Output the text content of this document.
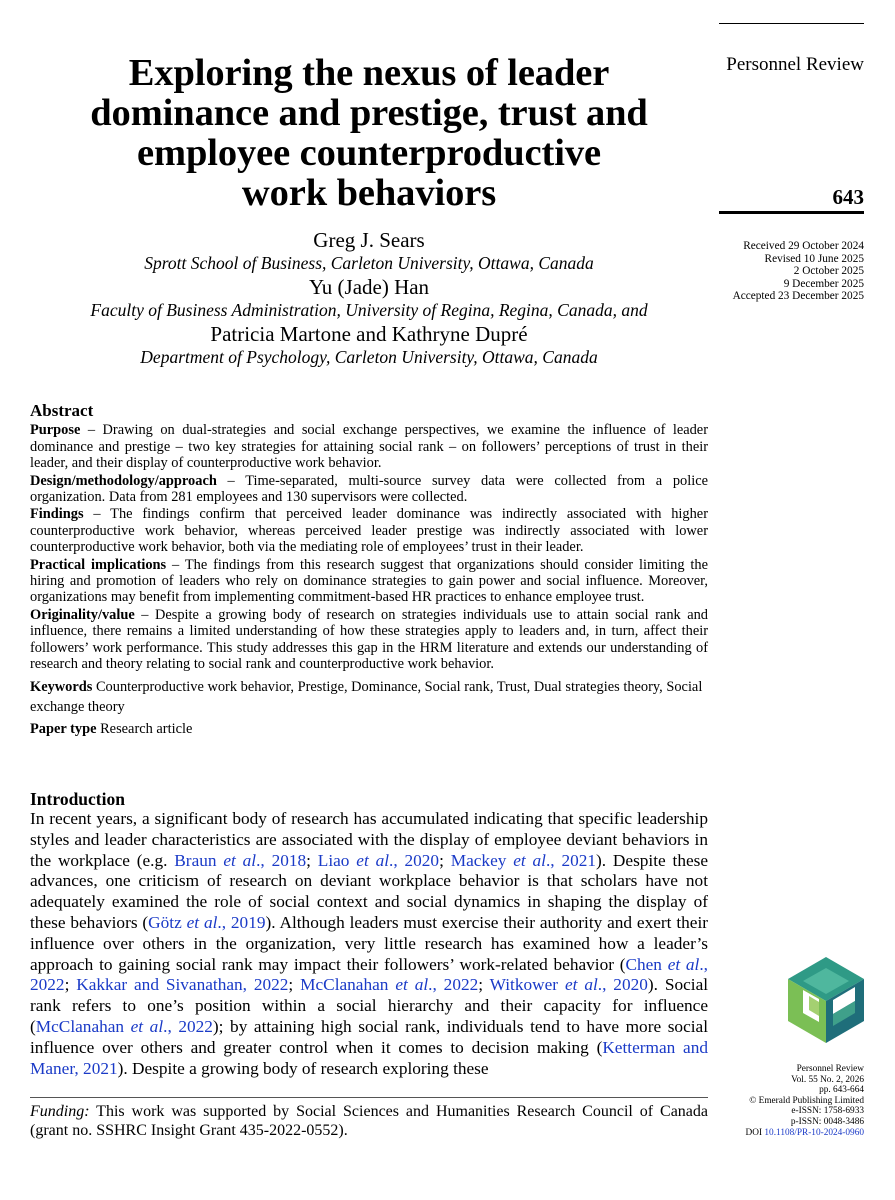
Personnel Review
643
Received 29 October 2024
Revised 10 June 2025
2 October 2025
9 December 2025
Accepted 23 December 2025
Exploring the nexus of leader
dominance and prestige, trust and
employee counterproductive
work behaviors
Greg J. Sears
Sprott School of Business, Carleton University, Ottawa, Canada
Yu (Jade) Han
Faculty of Business Administration, University of Regina, Regina, Canada, and
Patricia Martone and Kathryne Dupré
Department of Psychology, Carleton University, Ottawa, Canada
Abstract

Purpose – Drawing on dual-strategies and social exchange perspectives, we examine the influence of leader dominance and prestige – two key strategies for attaining social rank – on followers’ perceptions of trust in their leader, and their display of counterproductive work behavior.

Design/methodology/approach – Time-separated, multi-source survey data were collected from a police organization. Data from 281 employees and 130 supervisors were collected.

Findings – The findings confirm that perceived leader dominance was indirectly associated with higher counterproductive work behavior, whereas perceived leader prestige was indirectly associated with lower counterproductive work behavior, both via the mediating role of employees’ trust in their leader.

Practical implications – The findings from this research suggest that organizations should consider limiting the hiring and promotion of leaders who rely on dominance strategies to gain power and social influence. Moreover, organizations may benefit from implementing commitment-based HR practices to enhance employee trust.

Originality/value – Despite a growing body of research on strategies individuals use to attain social rank and influence, there remains a limited understanding of how these strategies apply to leaders and, in turn, affect their followers’ work performance. This study addresses this gap in the HRM literature and extends our understanding of research and theory relating to social rank and counterproductive work behavior.

Keywords Counterproductive work behavior, Prestige, Dominance, Social rank, Trust, Dual strategies theory, Social exchange theory

Paper type Research article

Introduction
In recent years, a significant body of research has accumulated indicating that specific leadership styles and leader characteristics are associated with the display of employee deviant behaviors in the workplace (e.g. Braun et al., 2018; Liao et al., 2020; Mackey et al., 2021). Despite these advances, one criticism of research on deviant workplace behavior is that scholars have not adequately examined the role of social context and social dynamics in shaping the display of these behaviors (Götz et al., 2019). Although leaders must exercise their authority and exert their influence over others in the organization, very little research has examined how a leader’s approach to gaining social rank may impact their followers’ work-related behavior (Chen et al., 2022; Kakkar and Sivanathan, 2022; McClanahan et al., 2022; Witkower et al., 2020). Social rank refers to one’s position within a social hierarchy and their capacity for influence (McClanahan et al., 2022); by attaining high social rank, individuals tend to have more social influence over others and greater control when it comes to decision making (Ketterman and Maner, 2021). Despite a growing body of research exploring these
Funding: This work was supported by Social Sciences and Humanities Research Council of Canada (grant no. SSHRC Insight Grant 435-2022-0552).
Personnel Review
Vol. 55 No. 2, 2026
pp. 643-664
© Emerald Publishing Limited
e-ISSN: 1758-6933
p-ISSN: 0048-3486
DOI 10.1108/PR-10-2024-0960
